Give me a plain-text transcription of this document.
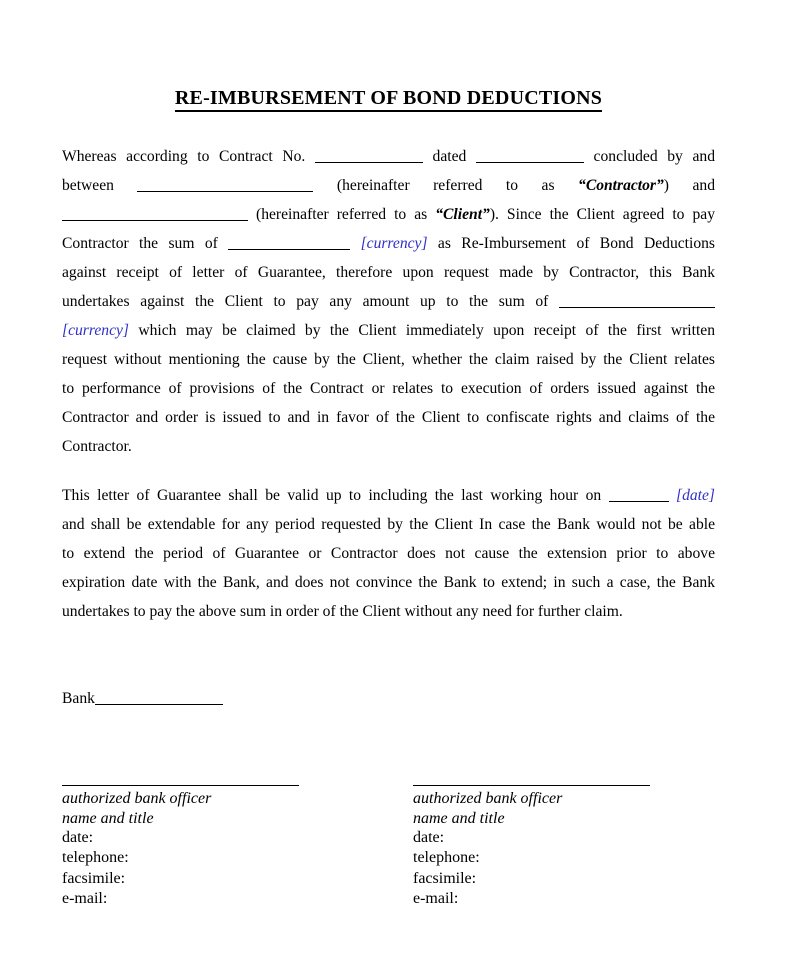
RE-IMBURSEMENT OF BOND DEDUCTIONS
Whereas according to Contract No.	dated	concluded by and
between	(hereinafter referred to as “Contractor”) and
(hereinafter referred to as “Client”). Since the Client agreed to pay
Contractor the sum of	[currency] as Re-Imbursement of Bond Deductions
against receipt of letter of Guarantee, therefore upon request made by Contractor, this Bank
undertakes against the Client to pay any amount up to the sum of
[currency] which may be claimed by the Client immediately upon receipt of the first written
request without mentioning the cause by the Client, whether the claim raised by the Client relates
to performance of provisions of the Contract or relates to execution of orders issued against the
Contractor and order is issued to and in favor of the Client to confiscate rights and claims of the
Contractor.
This letter of Guarantee shall be valid up to including the last working hour on	[date]
and shall be extendable for any period requested by the Client In case the Bank would not be able
to extend the period of Guarantee or Contractor does not cause the extension prior to above
expiration date with the Bank, and does not convince the Bank to extend; in such a case, the Bank
undertakes to pay the above sum in order of the Client without any need for further claim.
Bank
authorized bank officer
name and title
date:
telephone:
facsimile:
e-mail:
authorized bank officer
name and title
date:
telephone:
facsimile:
e-mail:
